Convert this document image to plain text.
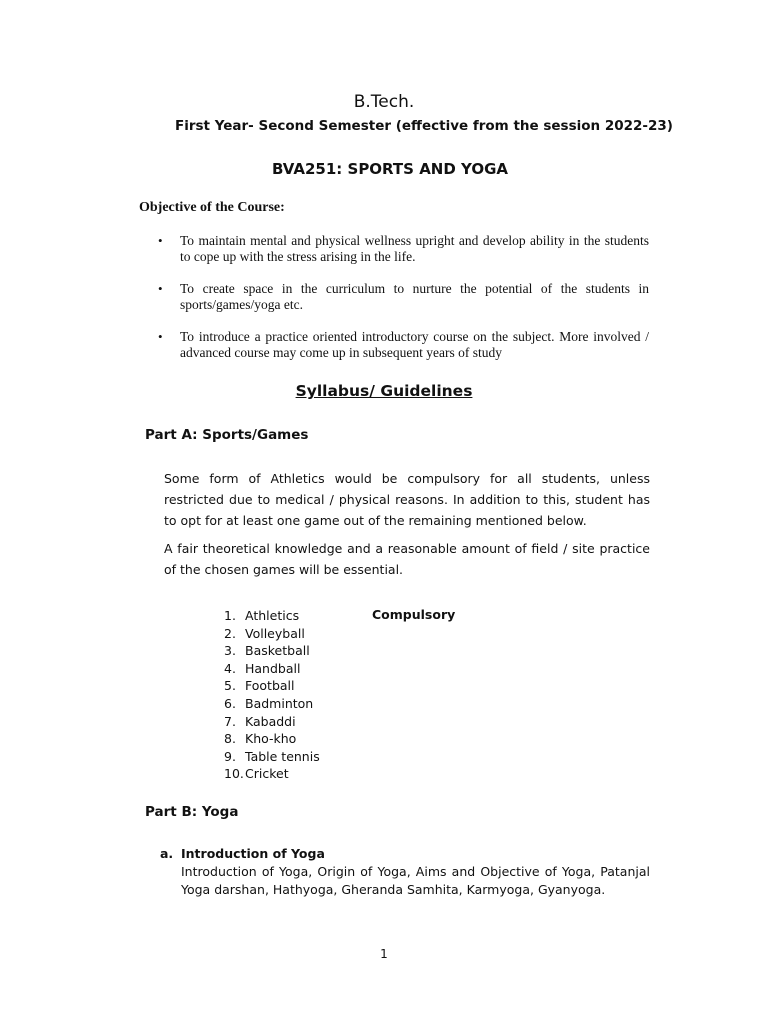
B.Tech.
First Year- Second Semester (effective from the session 2022-23)
BVA251: SPORTS AND YOGA
Objective of the Course:
• To maintain mental and physical wellness upright and develop ability in the students to cope up with the stress arising in the life.
• To create space in the curriculum to nurture the potential of the students in sports/games/yoga etc.
• To introduce a practice oriented introductory course on the subject. More involved / advanced course may come up in subsequent years of study
Syllabus/ Guidelines
Part A: Sports/Games
Some form of Athletics would be compulsory for all students, unless restricted due to medical / physical reasons. In addition to this, student has to opt for at least one game out of the remaining mentioned below.
A fair theoretical knowledge and a reasonable amount of field / site practice of the chosen games will be essential.
1. Athletics
2. Volleyball
3. Basketball
4. Handball
5. Football
6. Badminton
7. Kabaddi
8. Kho-kho
9. Table tennis
10. Cricket
Compulsory
Part B: Yoga
a. Introduction of Yoga
Introduction of Yoga, Origin of Yoga, Aims and Objective of Yoga, Patanjal Yoga darshan, Hathyoga, Gheranda Samhita, Karmyoga, Gyanyoga.
1
